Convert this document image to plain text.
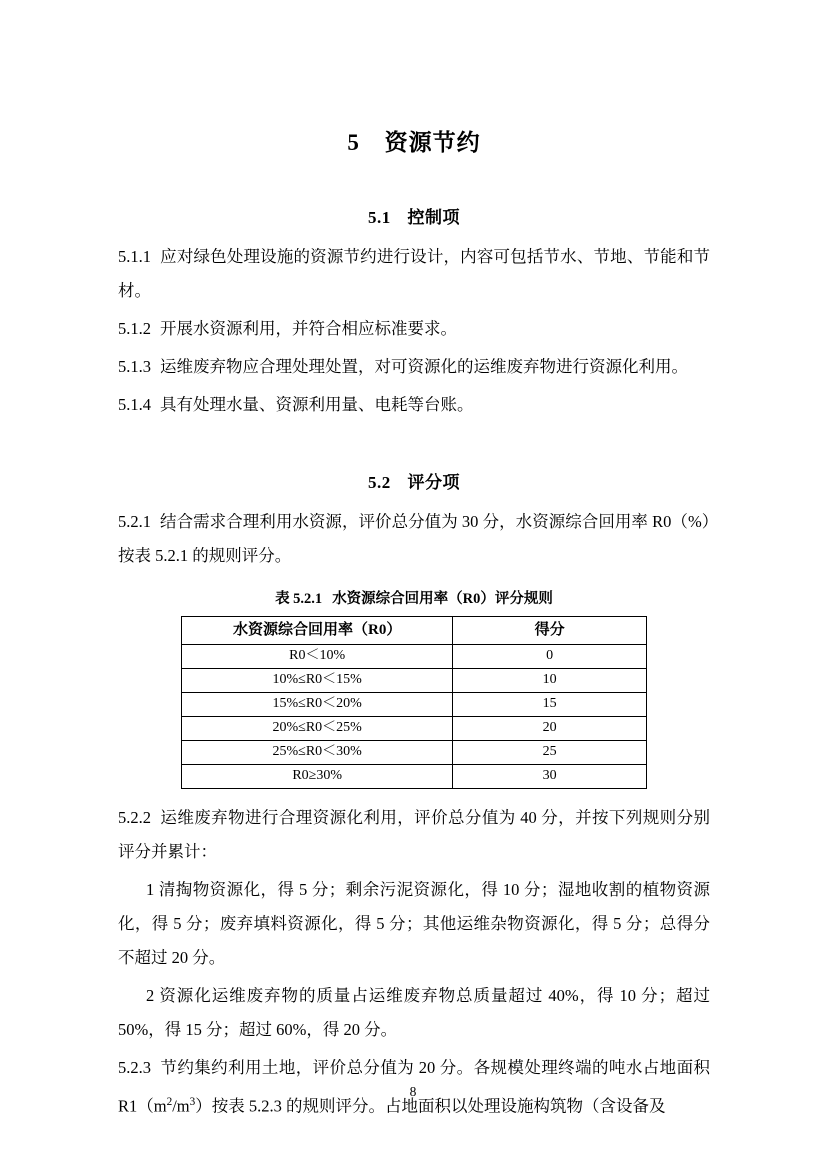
5 资源节约
5.1 控制项

5.1.1 应对绿色处理设施的资源节约进行设计，内容可包括节水、节地、节能和节材。

5.1.2 开展水资源利用，并符合相应标准要求。

5.1.3 运维废弃物应合理处理处置，对可资源化的运维废弃物进行资源化利用。

5.1.4 具有处理水量、资源利用量、电耗等台账。

5.2 评分项

5.2.1 结合需求合理利用水资源，评价总分值为 30 分，水资源综合回用率 R0（%）按表 5.2.1 的规则评分。

表 5.2.1 水资源综合回用率（R0）评分规则

水资源综合回用率（R0）	得分
R0＜10%	0
10%≤R0＜15%	10
15%≤R0＜20%	15
20%≤R0＜25%	20
25%≤R0＜30%	25
R0≥30%	30

5.2.2 运维废弃物进行合理资源化利用，评价总分值为 40 分，并按下列规则分别评分并累计：

1 清掏物资源化，得 5 分；剩余污泥资源化，得 10 分；湿地收割的植物资源化，得 5 分；废弃填料资源化，得 5 分；其他运维杂物资源化，得 5 分；总得分不超过 20 分。

2 资源化运维废弃物的质量占运维废弃物总质量超过 40%，得 10 分；超过 50%，得 15 分；超过 60%，得 20 分。

5.2.3 节约集约利用土地，评价总分值为 20 分。各规模处理终端的吨水占地面积 $R1(m^2/m^3)$按表 5.2.3 的规则评分。占地面积以处理设施构筑物（含设备及

8
